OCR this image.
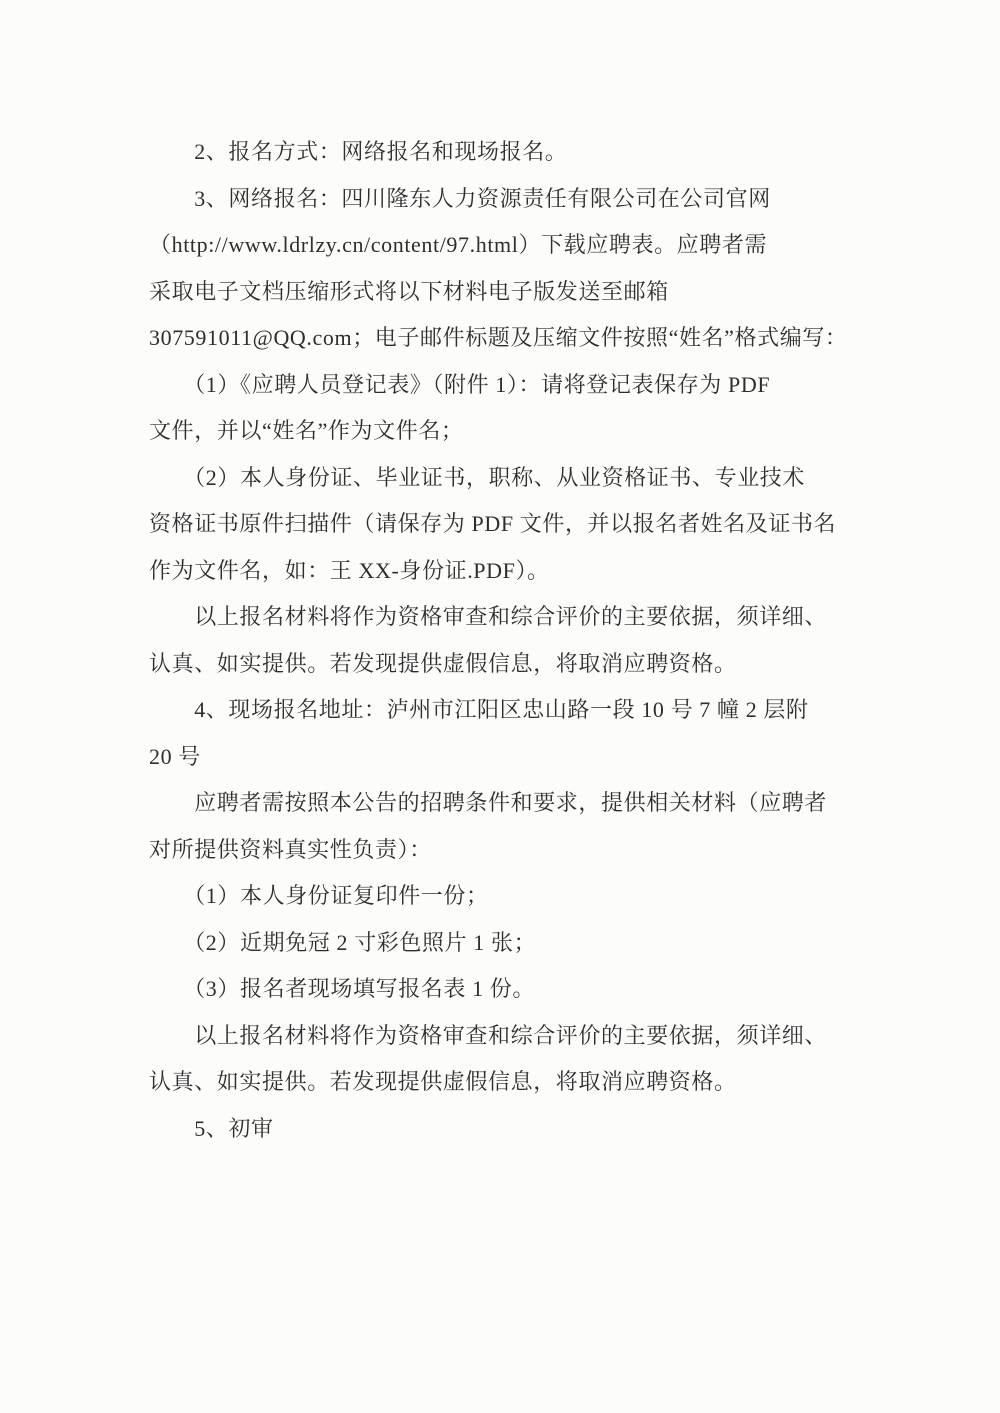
　　2、报名方式：网络报名和现场报名。
　　3、网络报名：四川隆东人力资源责任有限公司在公司官网
（http://www.ldrlzy.cn/content/97.html）下载应聘表。应聘者需
采取电子文档压缩形式将以下材料电子版发送至邮箱
307591011@QQ.com；电子邮件标题及压缩文件按照“姓名”格式编写：
　　（1）《应聘人员登记表》（附件 1）：请将登记表保存为 PDF
文件，并以“姓名”作为文件名；
　　（2）本人身份证、毕业证书，职称、从业资格证书、专业技术
资格证书原件扫描件（请保存为 PDF 文件，并以报名者姓名及证书名
作为文件名，如：王 XX-身份证.PDF）。
　　以上报名材料将作为资格审查和综合评价的主要依据，须详细、
认真、如实提供。若发现提供虚假信息，将取消应聘资格。
　　4、现场报名地址：泸州市江阳区忠山路一段 10 号 7 幢 2 层附
20 号
　　应聘者需按照本公告的招聘条件和要求，提供相关材料（应聘者
对所提供资料真实性负责）：
　　（1）本人身份证复印件一份；
　　（2）近期免冠 2 寸彩色照片 1 张；
　　（3）报名者现场填写报名表 1 份。
　　以上报名材料将作为资格审查和综合评价的主要依据，须详细、
认真、如实提供。若发现提供虚假信息，将取消应聘资格。
　　5、初审
